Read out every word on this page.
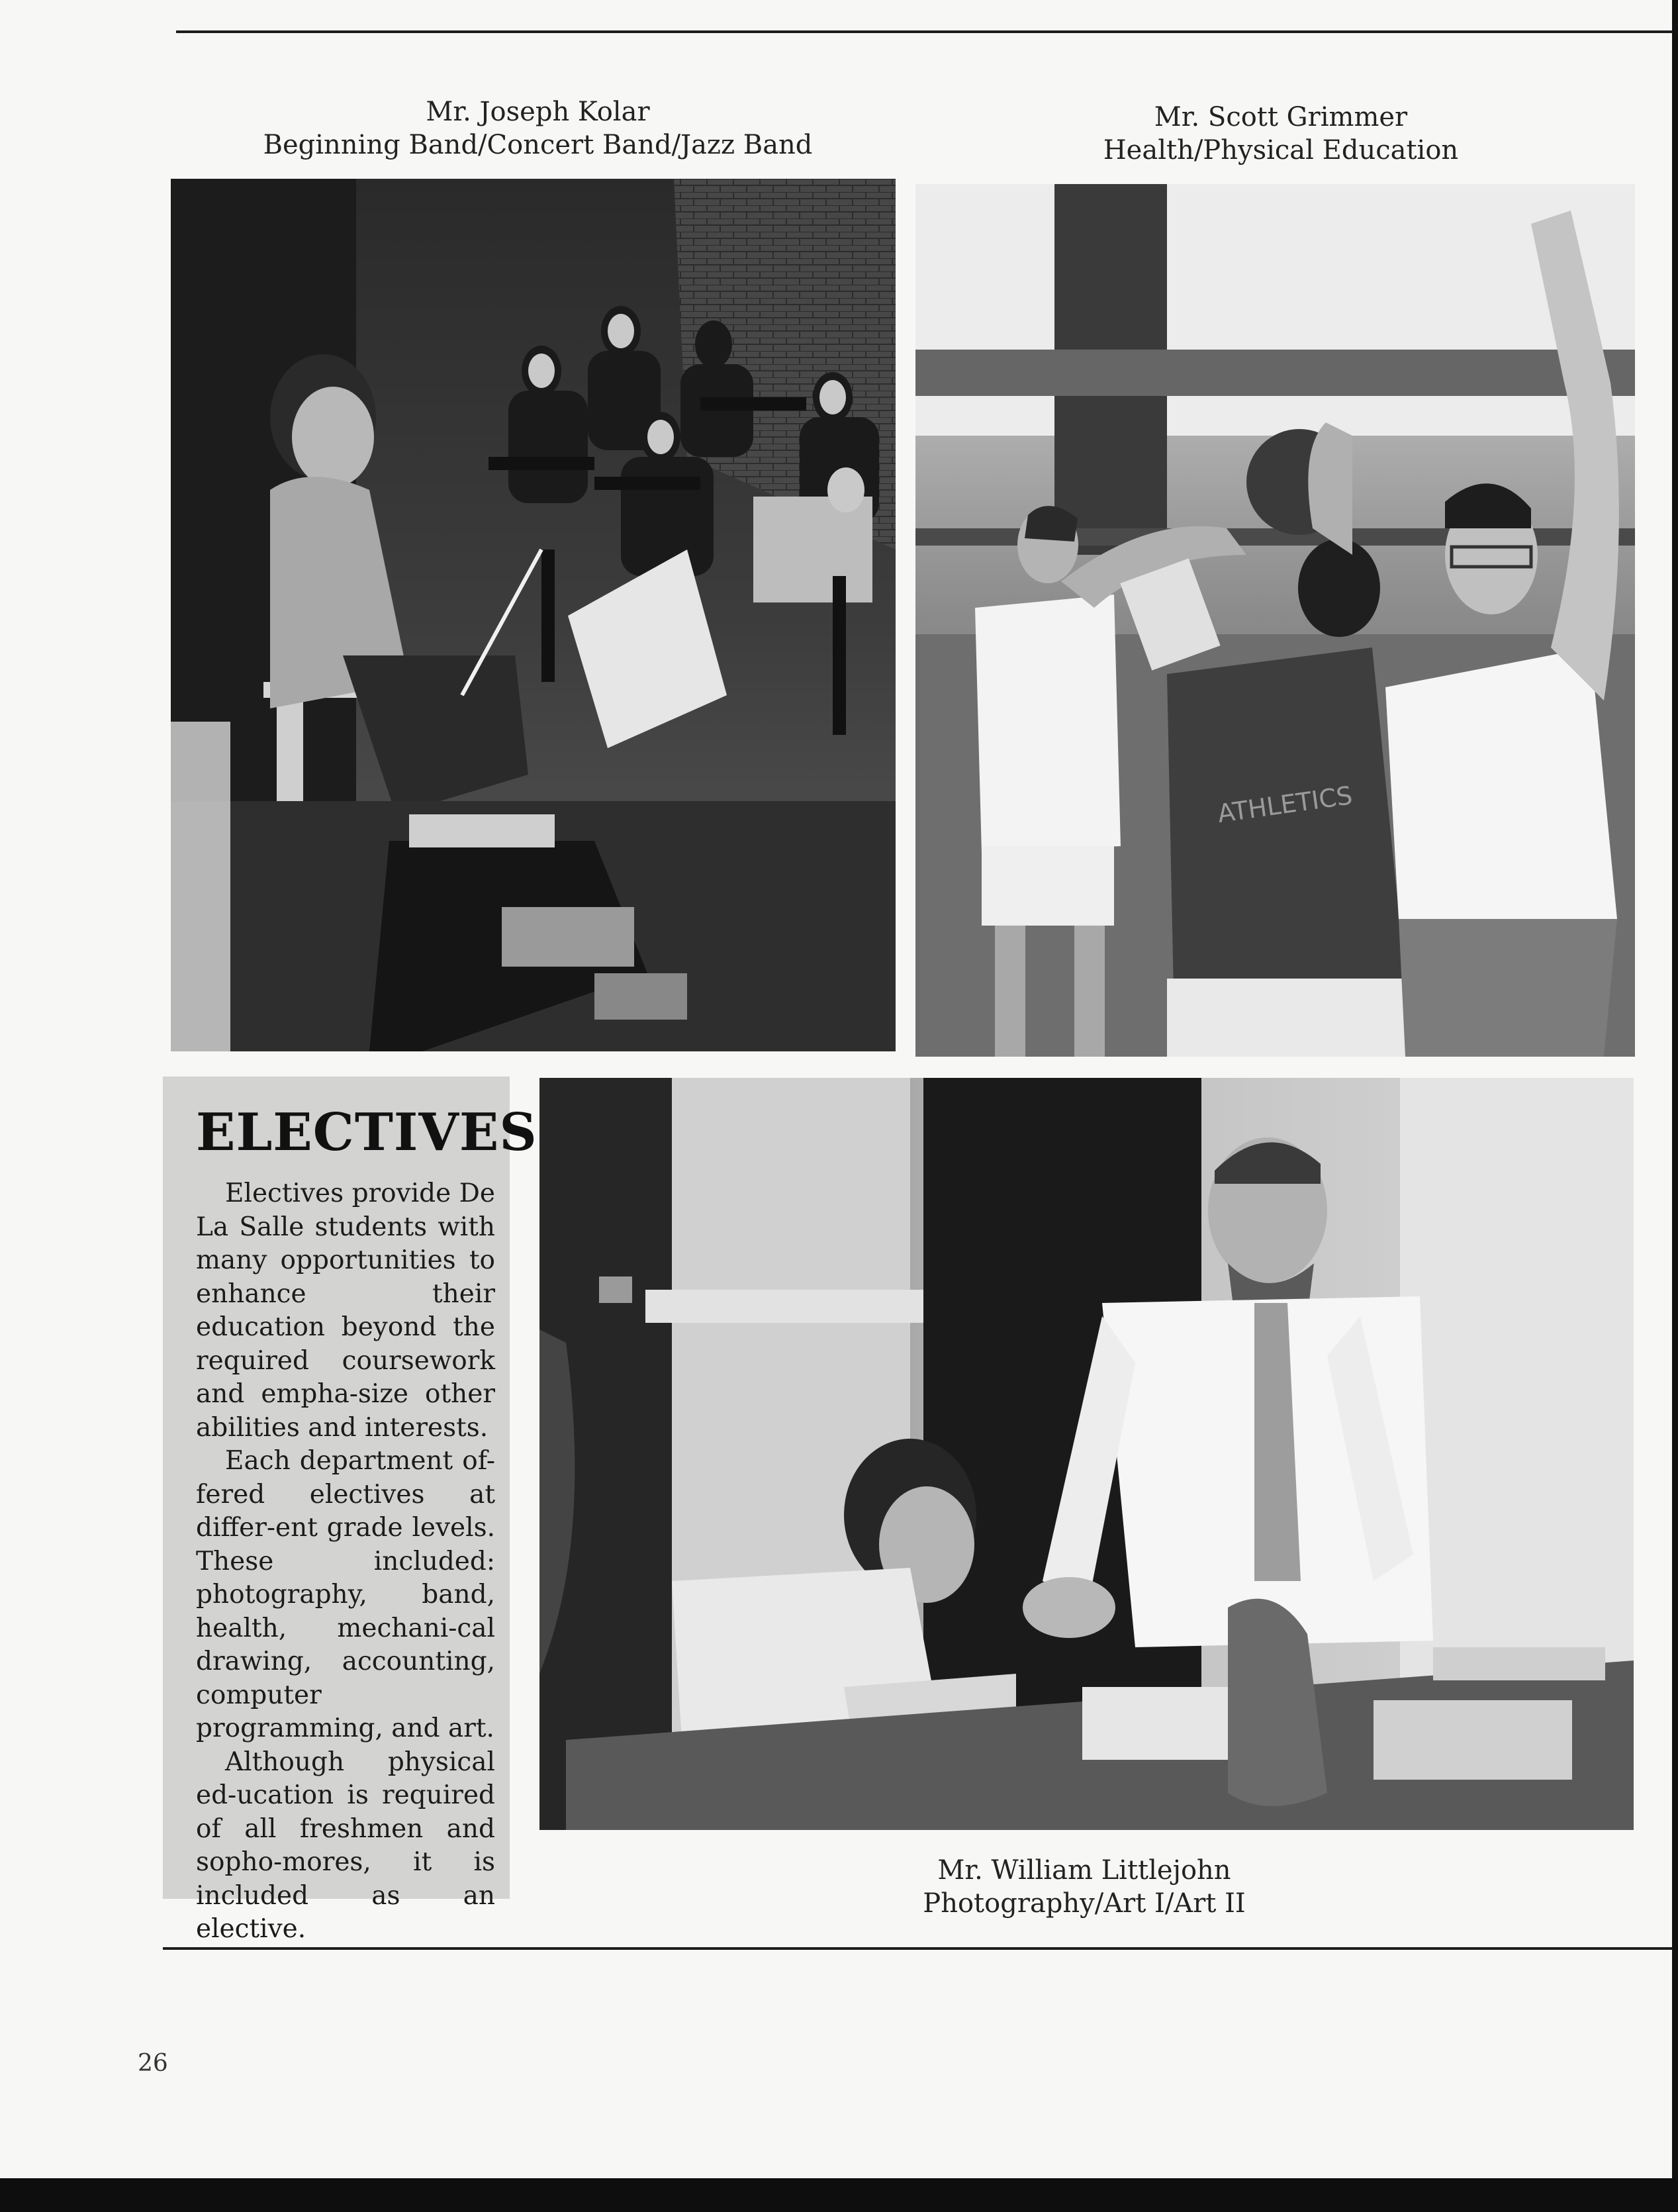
Mr. Joseph Kolar
Beginning Band/Concert Band/Jazz Band
Mr. Scott Grimmer
Health/Physical Education
ATHLETICS
ELECTIVES

Electives provide De La Salle students with many opportunities to enhance their education beyond the required coursework and empha-size other abilities and interests.

Each department of-fered electives at differ-ent grade levels. These included: photography, band, health, mechani-cal drawing, accounting, computer programming, and art.

Although physical ed-ucation is required of all freshmen and sopho-mores, it is included as an elective.

Mr. William Littlejohn
Photography/Art I/Art II
26
